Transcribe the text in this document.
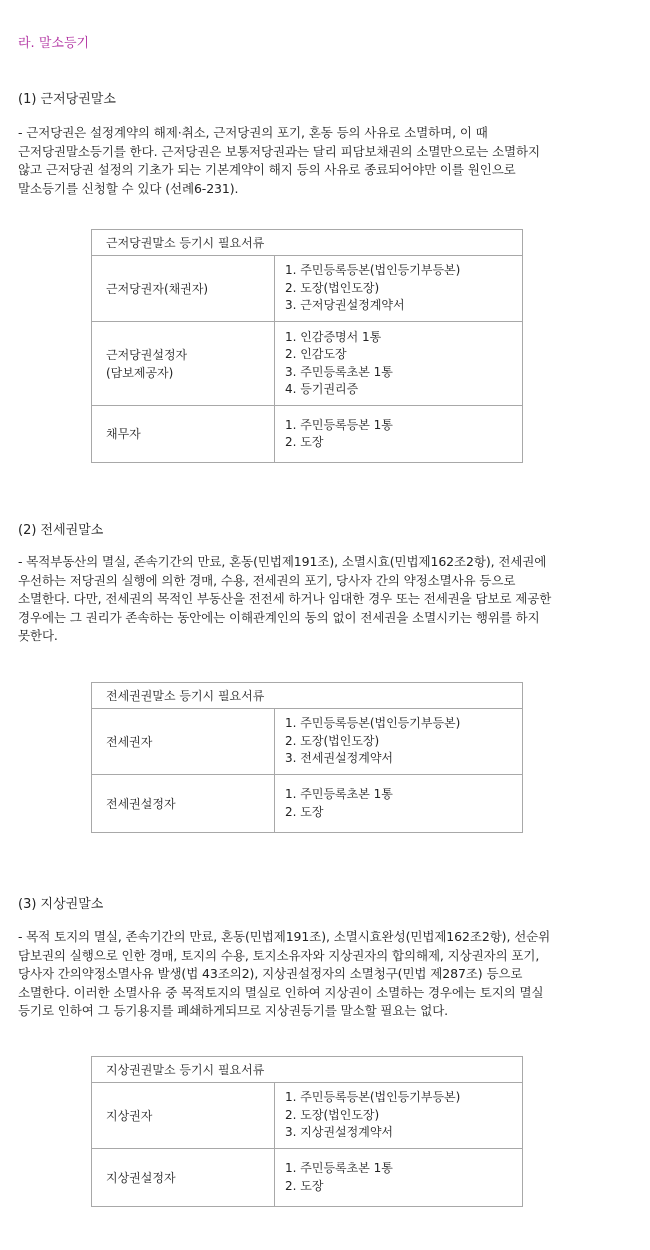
라. 말소등기
(1) 근저당권말소

- 근저당권은 설정계약의 해제·취소, 근저당권의 포기, 혼동 등의 사유로 소멸하며, 이 때
근저당권말소등기를 한다. 근저당권은 보통저당권과는 달리 피담보채권의 소멸만으로는 소멸하지
않고 근저당권 설정의 기초가 되는 기본계약이 해지 등의 사유로 종료되어야만 이를 원인으로
말소등기를 신청할 수 있다 (선례6-231).

근저당권말소 등기시 필요서류	

근저당권자(채권자)	1. 주민등록등본(법인등기부등본)
2. 도장(법인도장)
3. 근저당권설정계약서

근저당권설정자
(담보제공자)	1. 인감증명서 1통
2. 인감도장
3. 주민등록초본 1통
4. 등기권리증

채무자	1. 주민등록등본 1통
2. 도장
(2) 전세권말소

- 목적부동산의 멸실, 존속기간의 만료, 혼동(민법제191조), 소멸시효(민법제162조2항), 전세권에
우선하는 저당권의 실행에 의한 경매, 수용, 전세권의 포기, 당사자 간의 약정소멸사유 등으로
소멸한다. 다만, 전세권의 목적인 부동산을 전전세 하거나 임대한 경우 또는 전세권을 담보로 제공한
경우에는 그 권리가 존속하는 동안에는 이해관계인의 동의 없이 전세권을 소멸시키는 행위를 하지
못한다.

전세권권말소 등기시 필요서류	

전세권자	1. 주민등록등본(법인등기부등본)
2. 도장(법인도장)
3. 전세권설정계약서

전세권설정자	1. 주민등록초본 1통
2. 도장
(3) 지상권말소

- 목적 토지의 멸실, 존속기간의 만료, 혼동(민법제191조), 소멸시효완성(민법제162조2항), 선순위
담보권의 실행으로 인한 경매, 토지의 수용, 토지소유자와 지상권자의 합의해제, 지상권자의 포기,
당사자 간의약정소멸사유 발생(법 43조의2), 지상권설정자의 소멸청구(민법 제287조) 등으로
소멸한다. 이러한 소멸사유 중 목적토지의 멸실로 인하여 지상권이 소멸하는 경우에는 토지의 멸실
등기로 인하여 그 등기용지를 폐쇄하게되므로 지상권등기를 말소할 필요는 없다.

지상권권말소 등기시 필요서류	

지상권자	1. 주민등록등본(법인등기부등본)
2. 도장(법인도장)
3. 지상권설정계약서

지상권설정자	1. 주민등록초본 1통
2. 도장
